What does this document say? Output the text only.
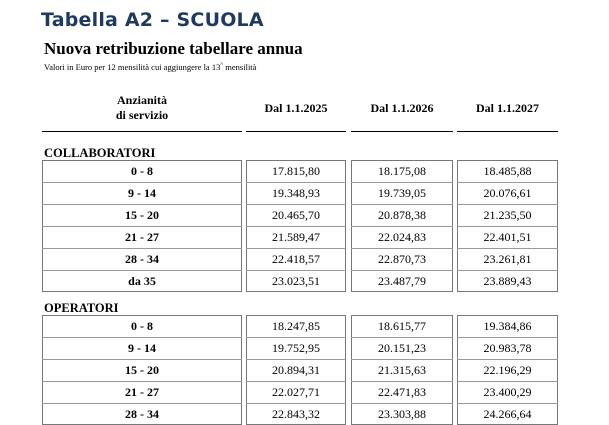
Tabella A2 – SCUOLA
Nuova retribuzione tabellare annua
Valori in Euro per 12 mensilità cui aggiungere la 13^ mensilità
Anzianità
di servizio	Dal 1.1.2025	Dal 1.1.2026	Dal 1.1.2027
COLLABORATORI
0 - 8	17.815,80	18.175,08	18.485,88
9 - 14	19.348,93	19.739,05	20.076,61
15 - 20	20.465,70	20.878,38	21.235,50
21 - 27	21.589,47	22.024,83	22.401,51
28 - 34	22.418,57	22.870,73	23.261,81
da 35	23.023,51	23.487,79	23.889,43
OPERATORI
0 - 8	18.247,85	18.615,77	19.384,86
9 - 14	19.752,95	20.151,23	20.983,78
15 - 20	20.894,31	21.315,63	22.196,29
21 - 27	22.027,71	22.471,83	23.400,29
28 - 34	22.843,32	23.303,88	24.266,64
